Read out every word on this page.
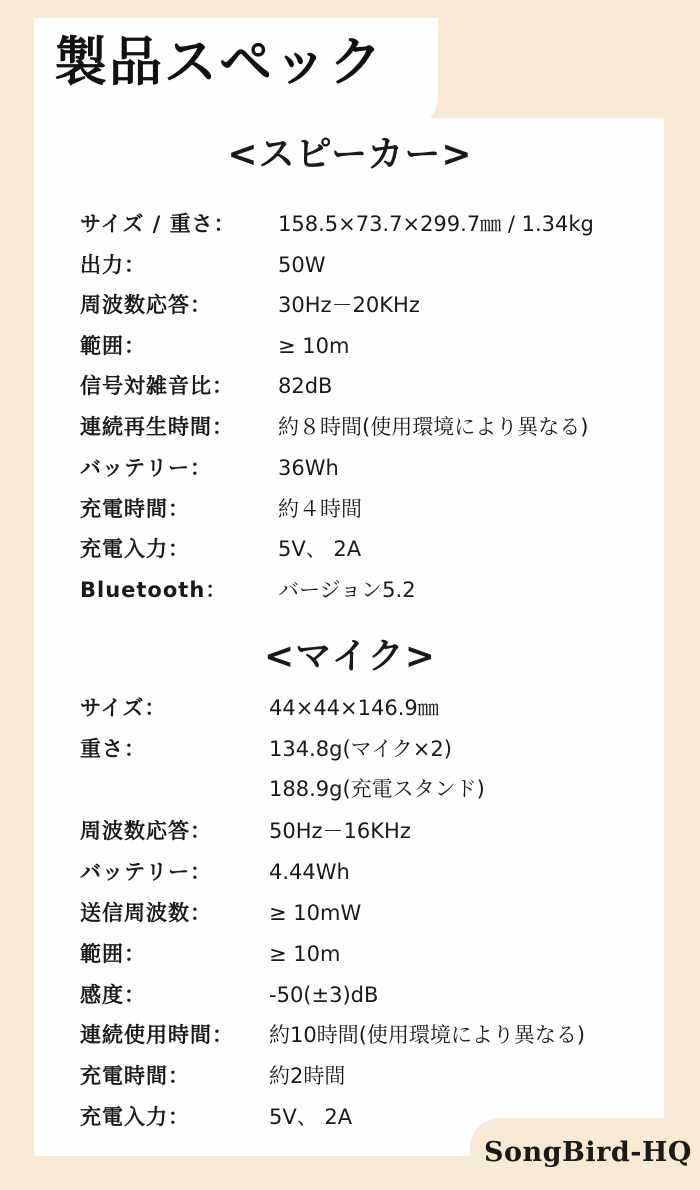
製品スペック
<スピーカー>
サイズ / 重さ： 158.5×73.7×299.7㎜ / 1.34kg
出力：	50W
周波数応答：	30Hz－20KHz
範囲：	≥ 10m
信号対雑音比： 82dB
連続再生時間： 約８時間(使用環境により異なる)
バッテリー：	36Wh
充電時間：	約４時間
充電入力：	5V、 2A
Bluetooth： バージョン5.2
<マイク>
サイズ：	44×44×146.9㎜
重さ：	134.8g(マイク×2)
188.9g(充電スタンド)
周波数応答：	50Hz－16KHz
バッテリー：	4.44Wh
送信周波数：	≥ 10mW
範囲：	≥ 10m
感度：	-50(±3)dB
連続使用時間： 約10時間(使用環境により異なる)
充電時間：	約2時間
充電入力：	5V、 2A
SongBird-HQ
